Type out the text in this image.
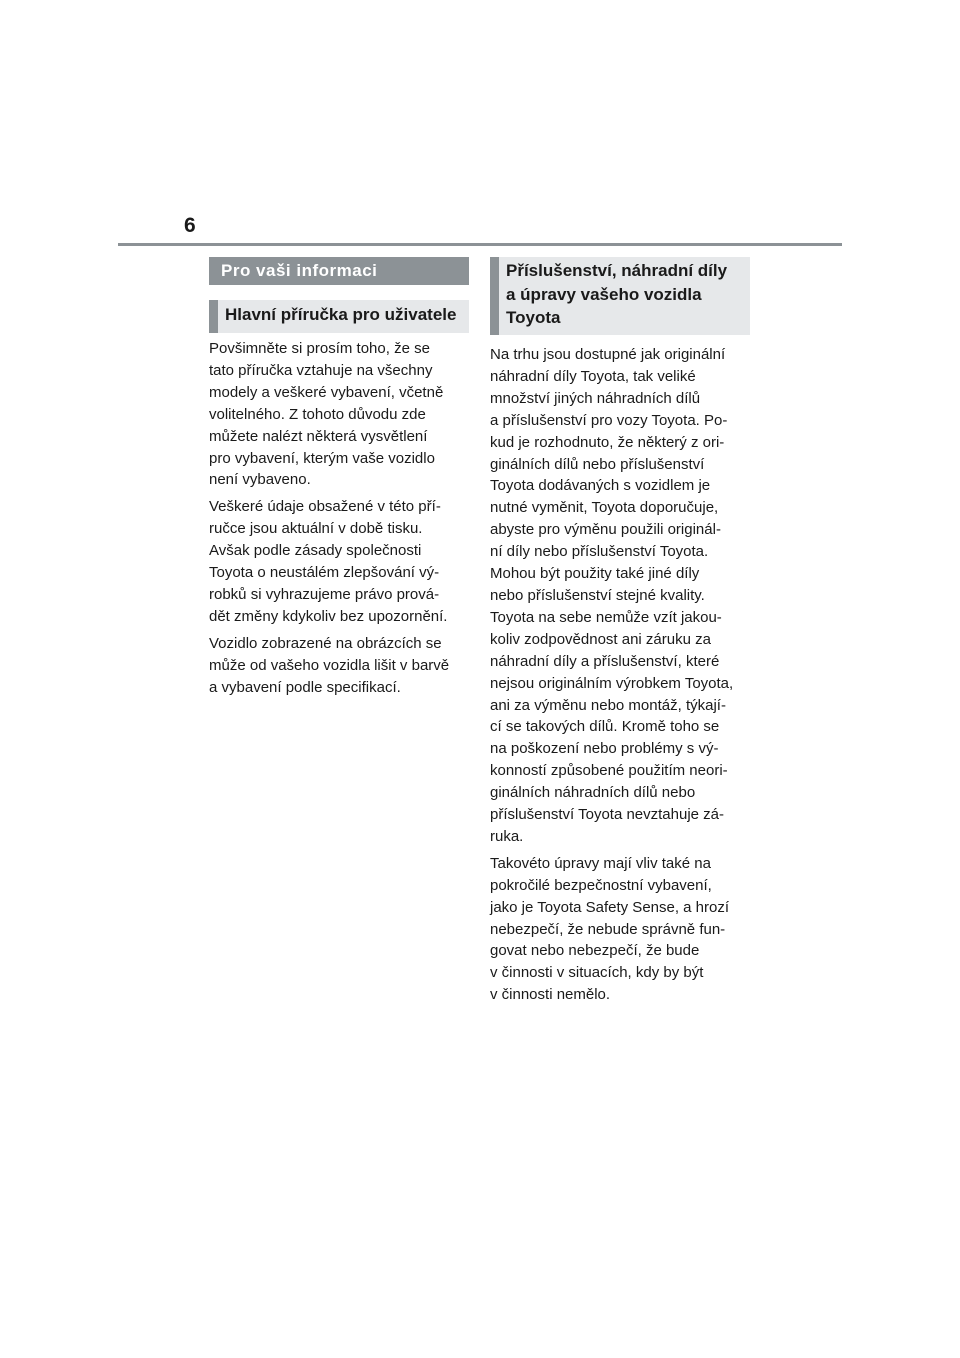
6
Pro vaši informaci
Hlavní příručka pro uživatele

Povšimněte si prosím toho, že se
tato příručka vztahuje na všechny
modely a veškeré vybavení, včetně
volitelného. Z tohoto důvodu zde
můžete nalézt některá vysvětlení
pro vybavení, kterým vaše vozidlo
není vybaveno.

Veškeré údaje obsažené v této pří-
ručce jsou aktuální v době tisku.
Avšak podle zásady společnosti
Toyota o neustálém zlepšování vý-
robků si vyhrazujeme právo prová-
dět změny kdykoliv bez upozornění.

Vozidlo zobrazené na obrázcích se
může od vašeho vozidla lišit v barvě
a vybavení podle specifikací.

Příslušenství, náhradní díly
a úpravy vašeho vozidla
Toyota

Na trhu jsou dostupné jak originální
náhradní díly Toyota, tak veliké
množství jiných náhradních dílů
a příslušenství pro vozy Toyota. Po-
kud je rozhodnuto, že některý z ori-
ginálních dílů nebo příslušenství
Toyota dodávaných s vozidlem je
nutné vyměnit, Toyota doporučuje,
abyste pro výměnu použili originál-
ní díly nebo příslušenství Toyota.
Mohou být použity také jiné díly
nebo příslušenství stejné kvality.
Toyota na sebe nemůže vzít jakou-
koliv zodpovědnost ani záruku za
náhradní díly a příslušenství, které
nejsou originálním výrobkem Toyota,
ani za výměnu nebo montáž, týkají-
cí se takových dílů. Kromě toho se
na poškození nebo problémy s vý-
konností způsobené použitím neori-
ginálních náhradních dílů nebo
příslušenství Toyota nevztahuje zá-
ruka.

Takovéto úpravy mají vliv také na
pokročilé bezpečnostní vybavení,
jako je Toyota Safety Sense, a hrozí
nebezpečí, že nebude správně fun-
govat nebo nebezpečí, že bude
v činnosti v situacích, kdy by být
v činnosti nemělo.
